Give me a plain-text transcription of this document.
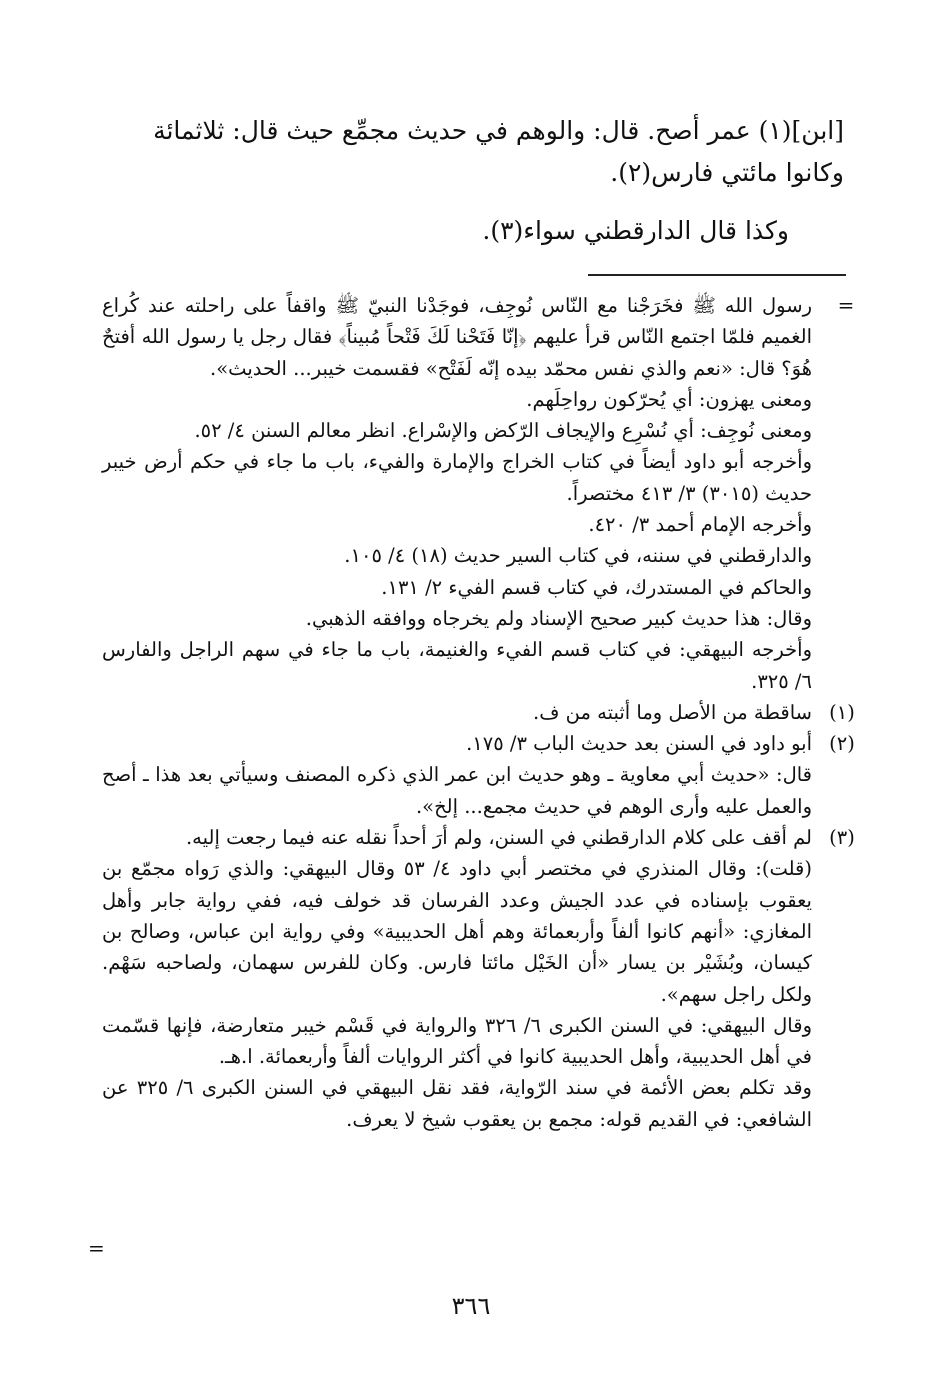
[ابن](١) عمر أصح. قال: والوهم في حديث مجمِّع حيث قال: ثلاثمائة

وكانوا مائتي فارس(٢).

وكذا قال الدارقطني سواء(٣).

=

رسول الله ﷺ فخَرَجْنا مع النّاس نُوجِف، فوجَدْنا النبيّ ﷺ واقفاً على راحلته عند كُراع الغميم فلمّا اجتمع النّاس قرأ عليهم ﴿إنّا فَتَحْنا لَكَ فَتْحاً مُبيناً﴾ فقال رجل يا رسول الله أفتحٌ هُوَ؟ قال: «نعم والذي نفس محمّد بيده إنّه لَفَتْح» فقسمت خيبر... الحديث».

ومعنى يهزون: أي يُحرّكون رواحِلَهم.

ومعنى نُوجِف: أي نُسْرِع والإيجاف الرّكض والإسْراع. انظر معالم السنن ٤/ ٥٢.

وأخرجه أبو داود أيضاً في كتاب الخراج والإمارة والفيء، باب ما جاء في حكم أرض خيبر حديث (٣٠١٥) ٣/ ٤١٣ مختصراً.

وأخرجه الإمام أحمد ٣/ ٤٢٠.

والدارقطني في سننه، في كتاب السير حديث (١٨) ٤/ ١٠٥.

والحاكم في المستدرك، في كتاب قسم الفيء ٢/ ١٣١.

وقال: هذا حديث كبير صحيح الإسناد ولم يخرجاه ووافقه الذهبي.

وأخرجه البيهقي: في كتاب قسم الفيء والغنيمة، باب ما جاء في سهم الراجل والفارس ٦/ ٣٢٥.

(١)

ساقطة من الأصل وما أثبته من ف.

(٢)

أبو داود في السنن بعد حديث الباب ٣/ ١٧٥.

قال: «حديث أبي معاوية ـ وهو حديث ابن عمر الذي ذكره المصنف وسيأتي بعد هذا ـ أصح والعمل عليه وأرى الوهم في حديث مجمع... إلخ».

(٣)

لم أقف على كلام الدارقطني في السنن، ولم أرَ أحداً نقله عنه فيما رجعت إليه.

(قلت): وقال المنذري في مختصر أبي داود ٤/ ٥٣ وقال البيهقي: والذي رَواه مجمّع بن يعقوب بإسناده في عدد الجيش وعدد الفرسان قد خولف فيه، ففي رواية جابر وأهل المغازي: «أنهم كانوا ألفاً وأربعمائة وهم أهل الحديبية» وفي رواية ابن عباس، وصالح بن كيسان، وبُشَيْر بن يسار «أن الخَيْل مائتا فارس. وكان للفرس سهمان، ولصاحبه سَهْم. ولكل راجل سهم».

وقال البيهقي: في السنن الكبرى ٦/ ٣٢٦ والرواية في قَسْم خيبر متعارضة، فإنها قسّمت في أهل الحديبية، وأهل الحديبية كانوا في أكثر الروايات ألفاً وأربعمائة. ا.هـ.

وقد تكلم بعض الأئمة في سند الرّواية، فقد نقل البيهقي في السنن الكبرى ٦/ ٣٢٥ عن الشافعي: في القديم قوله: مجمع بن يعقوب شيخ لا يعرف.

=
٣٦٦
